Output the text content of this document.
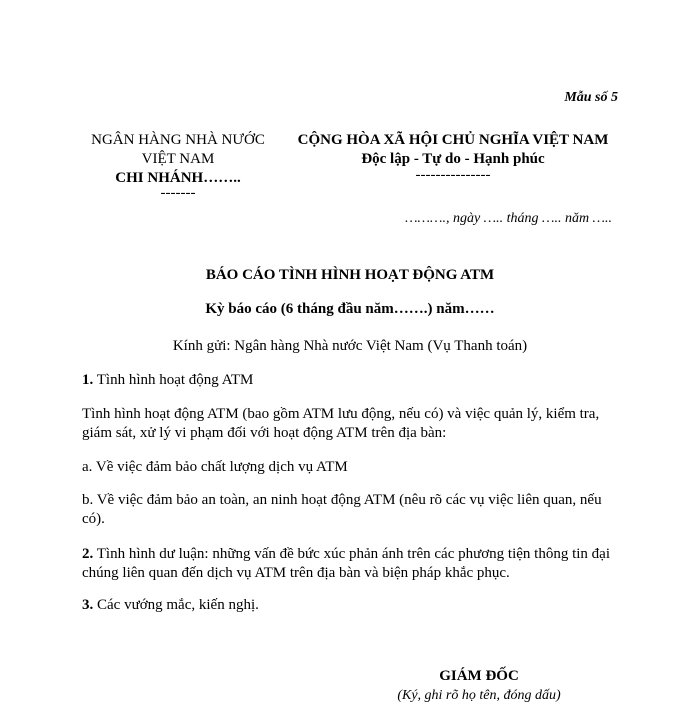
Mẫu số 5
NGÂN HÀNG NHÀ NƯỚC
VIỆT NAM
CHI NHÁNH……..
-------
CỘNG HÒA XÃ HỘI CHỦ NGHĨA VIỆT NAM
Độc lập - Tự do - Hạnh phúc
---------------
………., ngày ….. tháng ….. năm …..
BÁO CÁO TÌNH HÌNH HOẠT ĐỘNG ATM
Kỳ báo cáo (6 tháng đầu năm…….) năm……
Kính gửi: Ngân hàng Nhà nước Việt Nam (Vụ Thanh toán)
1. Tình hình hoạt động ATM
Tình hình hoạt động ATM (bao gồm ATM lưu động, nếu có) và việc quản lý, kiểm tra, giám sát, xử lý vi phạm đối với hoạt động ATM trên địa bàn:
a. Về việc đảm bảo chất lượng dịch vụ ATM
b. Về việc đảm bảo an toàn, an ninh hoạt động ATM (nêu rõ các vụ việc liên quan, nếu có).
2. Tình hình dư luận: những vấn đề bức xúc phản ánh trên các phương tiện thông tin đại chúng liên quan đến dịch vụ ATM trên địa bàn và biện pháp khắc phục.
3. Các vướng mắc, kiến nghị.
GIÁM ĐỐC
(Ký, ghi rõ họ tên, đóng dấu)
